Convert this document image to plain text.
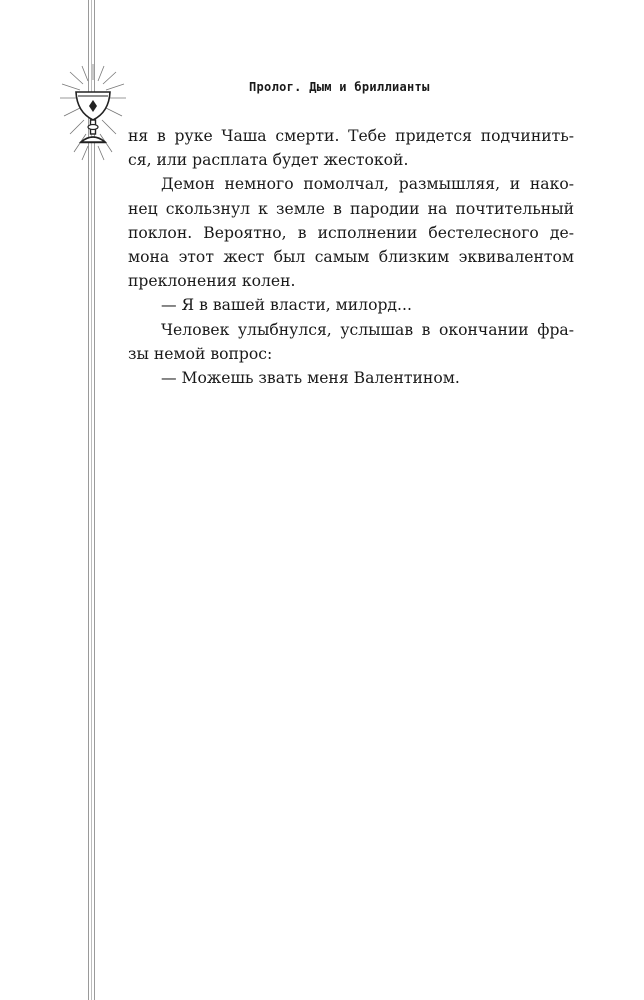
Пролог. Дым и бриллианты
ня в руке Чаша смерти. Тебе придется подчинить-
ся, или расплата будет жестокой.
Демон немного помолчал, размышляя, и нако-
нец скользнул к земле в пародии на почтительный
поклон. Вероятно, в исполнении бестелесного де-
мона этот жест был самым близким эквивалентом
преклонения колен.
— Я в вашей власти, милорд...
Человек улыбнулся, услышав в окончании фра-
зы немой вопрос:
— Можешь звать меня Валентином.
